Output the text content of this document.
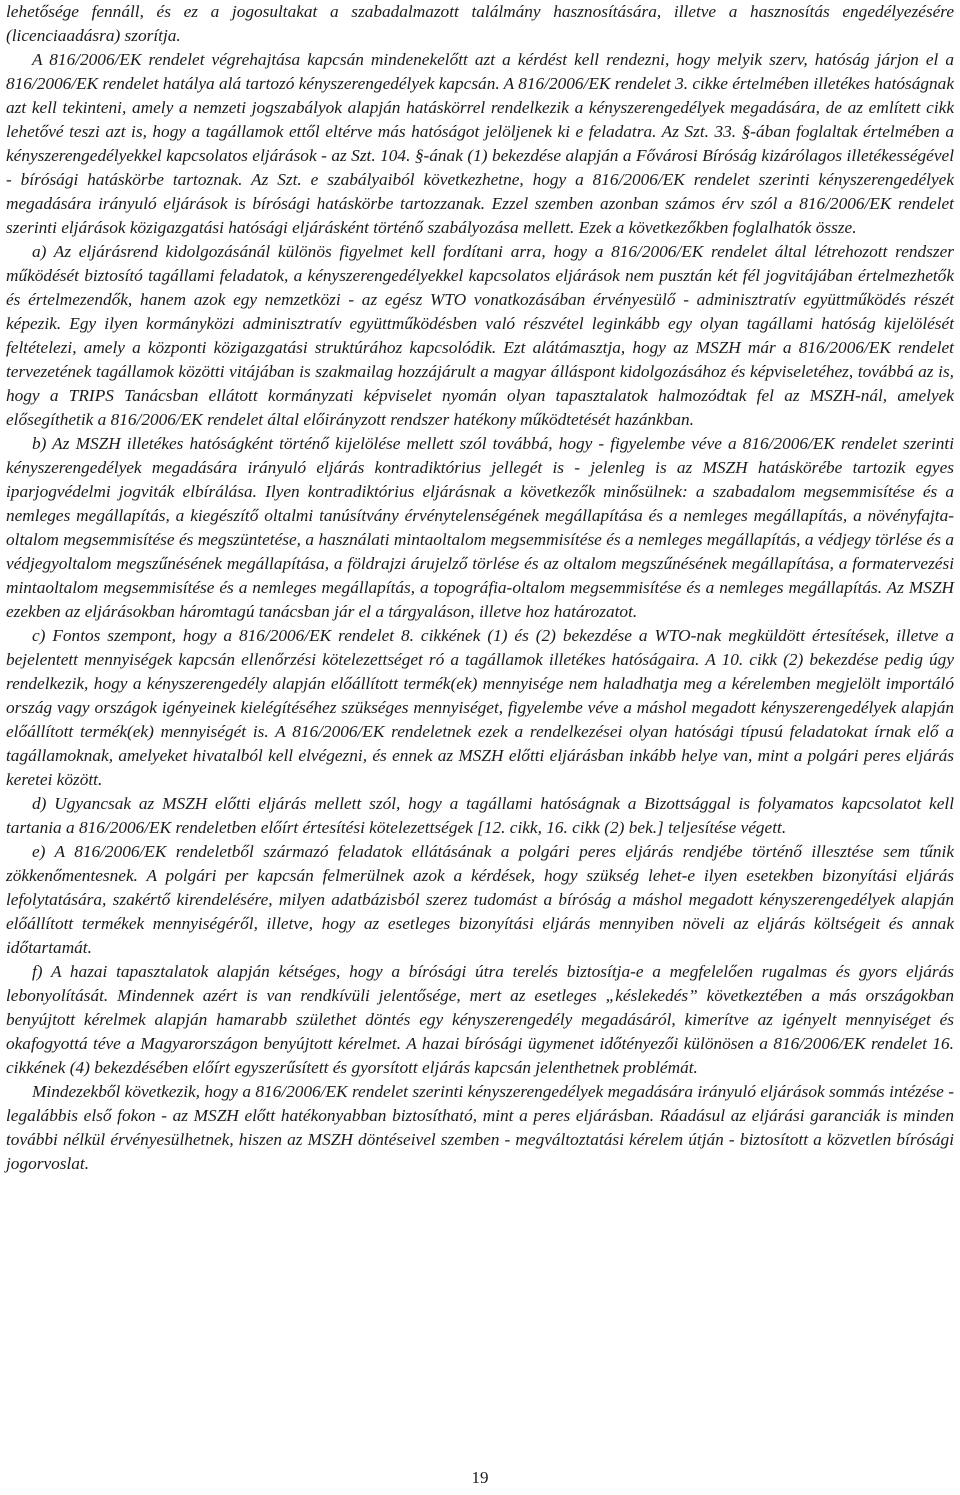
lehetősége fennáll, és ez a jogosultakat a szabadalmazott találmány hasznosítására, illetve a hasznosítás engedélyezésére (licenciaadásra) szorítja.

A 816/2006/EK rendelet végrehajtása kapcsán mindenekelőtt azt a kérdést kell rendezni, hogy melyik szerv, hatóság járjon el a 816/2006/EK rendelet hatálya alá tartozó kényszerengedélyek kapcsán. A 816/2006/EK rendelet 3. cikke értelmében illetékes hatóságnak azt kell tekinteni, amely a nemzeti jogszabályok alapján hatáskörrel rendelkezik a kényszerengedélyek megadására, de az említett cikk lehetővé teszi azt is, hogy a tagállamok ettől eltérve más hatóságot jelöljenek ki e feladatra. Az Szt. 33. §-ában foglaltak értelmében a kényszerengedélyekkel kapcsolatos eljárások - az Szt. 104. §-ának (1) bekezdése alapján a Fővárosi Bíróság kizárólagos illetékességével - bírósági hatáskörbe tartoznak. Az Szt. e szabályaiból következhetne, hogy a 816/2006/EK rendelet szerinti kényszerengedélyek megadására irányuló eljárások is bírósági hatáskörbe tartozzanak. Ezzel szemben azonban számos érv szól a 816/2006/EK rendelet szerinti eljárások közigazgatási hatósági eljárásként történő szabályozása mellett. Ezek a következőkben foglalhatók össze.

a) Az eljárásrend kidolgozásánál különös figyelmet kell fordítani arra, hogy a 816/2006/EK rendelet által létrehozott rendszer működését biztosító tagállami feladatok, a kényszerengedélyekkel kapcsolatos eljárások nem pusztán két fél jogvitájában értelmezhetők és értelmezendők, hanem azok egy nemzetközi - az egész WTO vonatkozásában érvényesülő - adminisztratív együttműködés részét képezik. Egy ilyen kormányközi adminisztratív együttműködésben való részvétel leginkább egy olyan tagállami hatóság kijelölését feltételezi, amely a központi közigazgatási struktúrához kapcsolódik. Ezt alátámasztja, hogy az MSZH már a 816/2006/EK rendelet tervezetének tagállamok közötti vitájában is szakmailag hozzájárult a magyar álláspont kidolgozásához és képviseletéhez, továbbá az is, hogy a TRIPS Tanácsban ellátott kormányzati képviselet nyomán olyan tapasztalatok halmozódtak fel az MSZH-nál, amelyek elősegíthetik a 816/2006/EK rendelet által előirányzott rendszer hatékony működtetését hazánkban.

b) Az MSZH illetékes hatóságként történő kijelölése mellett szól továbbá, hogy - figyelembe véve a 816/2006/EK rendelet szerinti kényszerengedélyek megadására irányuló eljárás kontradiktórius jellegét is - jelenleg is az MSZH hatáskörébe tartozik egyes iparjogvédelmi jogviták elbírálása. Ilyen kontradiktórius eljárásnak a következők minősülnek: a szabadalom megsemmisítése és a nemleges megállapítás, a kiegészítő oltalmi tanúsítvány érvénytelenségének megállapítása és a nemleges megállapítás, a növényfajta-oltalom megsemmisítése és megszüntetése, a használati mintaoltalom megsemmisítése és a nemleges megállapítás, a védjegy törlése és a védjegyoltalom megszűnésének megállapítása, a földrajzi árujelző törlése és az oltalom megszűnésének megállapítása, a formatervezési mintaoltalom megsemmisítése és a nemleges megállapítás, a topográfia-oltalom megsemmisítése és a nemleges megállapítás. Az MSZH ezekben az eljárásokban háromtagú tanácsban jár el a tárgyaláson, illetve hoz határozatot.

c) Fontos szempont, hogy a 816/2006/EK rendelet 8. cikkének (1) és (2) bekezdése a WTO-nak megküldött értesítések, illetve a bejelentett mennyiségek kapcsán ellenőrzési kötelezettséget ró a tagállamok illetékes hatóságaira. A 10. cikk (2) bekezdése pedig úgy rendelkezik, hogy a kényszerengedély alapján előállított termék(ek) mennyisége nem haladhatja meg a kérelemben megjelölt importáló ország vagy országok igényeinek kielégítéséhez szükséges mennyiséget, figyelembe véve a máshol megadott kényszerengedélyek alapján előállított termék(ek) mennyiségét is. A 816/2006/EK rendeletnek ezek a rendelkezései olyan hatósági típusú feladatokat írnak elő a tagállamoknak, amelyeket hivatalból kell elvégezni, és ennek az MSZH előtti eljárásban inkább helye van, mint a polgári peres eljárás keretei között.

d) Ugyancsak az MSZH előtti eljárás mellett szól, hogy a tagállami hatóságnak a Bizottsággal is folyamatos kapcsolatot kell tartania a 816/2006/EK rendeletben előírt értesítési kötelezettségek [12. cikk, 16. cikk (2) bek.] teljesítése végett.

e) A 816/2006/EK rendeletből származó feladatok ellátásának a polgári peres eljárás rendjébe történő illesztése sem tűnik zökkenőmentesnek. A polgári per kapcsán felmerülnek azok a kérdések, hogy szükség lehet-e ilyen esetekben bizonyítási eljárás lefolytatására, szakértő kirendelésére, milyen adatbázisból szerez tudomást a bíróság a máshol megadott kényszerengedélyek alapján előállított termékek mennyiségéről, illetve, hogy az esetleges bizonyítási eljárás mennyiben növeli az eljárás költségeit és annak időtartamát.

f) A hazai tapasztalatok alapján kétséges, hogy a bírósági útra terelés biztosítja-e a megfelelően rugalmas és gyors eljárás lebonyolítását. Mindennek azért is van rendkívüli jelentősége, mert az esetleges „késlekedés” következtében a más országokban benyújtott kérelmek alapján hamarabb születhet döntés egy kényszerengedély megadásáról, kimerítve az igényelt mennyiséget és okafogyottá téve a Magyarországon benyújtott kérelmet. A hazai bírósági ügymenet időtényezői különösen a 816/2006/EK rendelet 16. cikkének (4) bekezdésében előírt egyszerűsített és gyorsított eljárás kapcsán jelenthetnek problémát.

Mindezekből következik, hogy a 816/2006/EK rendelet szerinti kényszerengedélyek megadására irányuló eljárások sommás intézése - legalábbis első fokon - az MSZH előtt hatékonyabban biztosítható, mint a peres eljárásban. Ráadásul az eljárási garanciák is minden további nélkül érvényesülhetnek, hiszen az MSZH döntéseivel szemben - megváltoztatási kérelem útján - biztosított a közvetlen bírósági jogorvoslat.

19
